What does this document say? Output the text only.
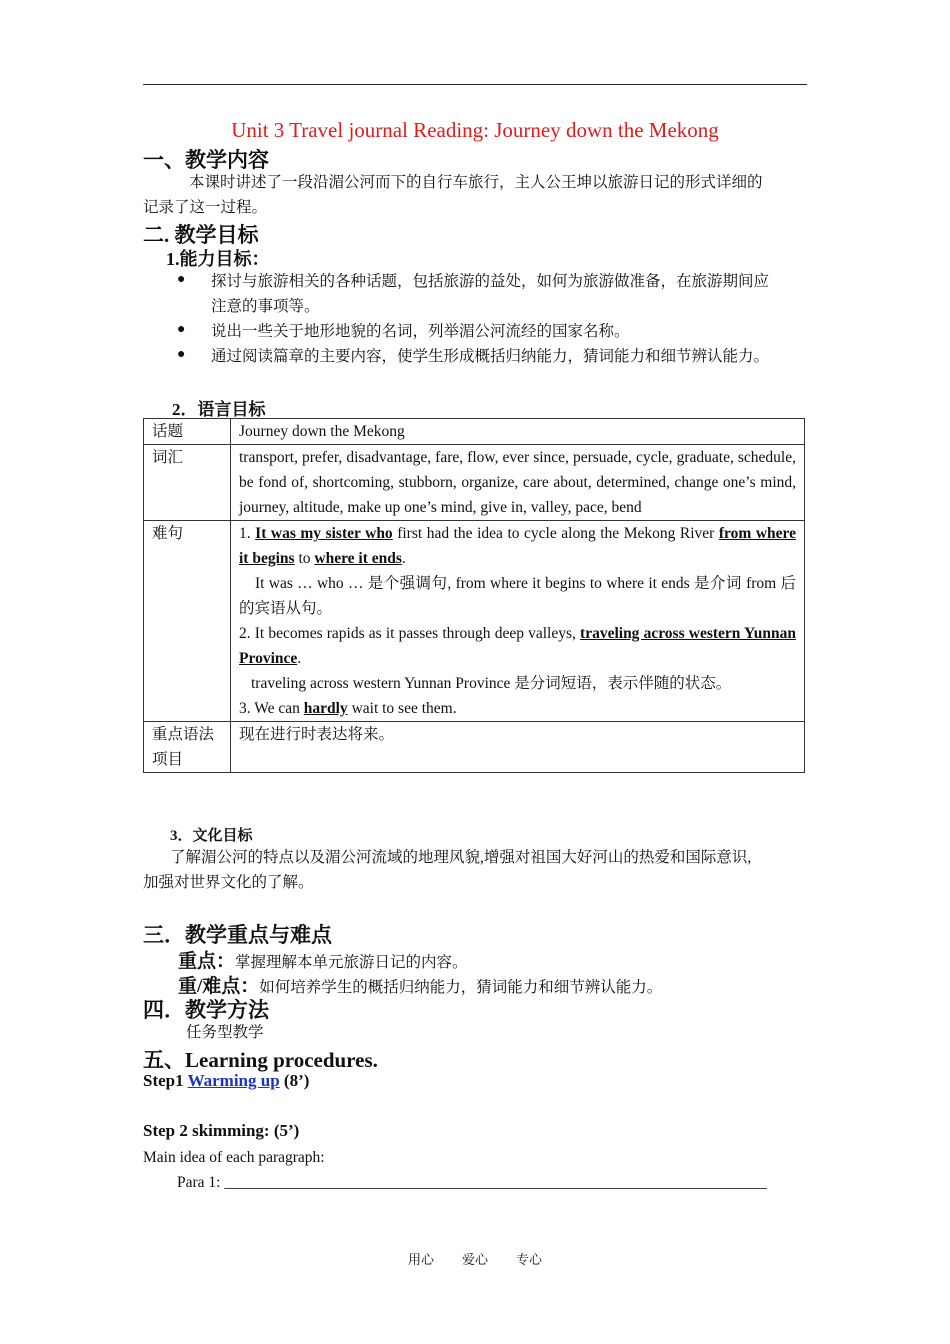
Unit 3 Travel journal Reading: Journey down the Mekong
一、教学内容
本课时讲述了一段沿湄公河而下的自行车旅行，主人公王坤以旅游日记的形式详细的
记录了这一过程。
二. 教学目标
1.能力目标：
● 探讨与旅游相关的各种话题，包括旅游的益处，如何为旅游做准备，在旅游期间应
注意的事项等。
● 说出一些关于地形地貌的名词，列举湄公河流经的国家名称。
● 通过阅读篇章的主要内容，使学生形成概括归纳能力，猜词能力和细节辨认能力。
2．语言目标
话题	Journey down the Mekong
词汇	transport, prefer, disadvantage, fare, flow, ever since, persuade, cycle, graduate, schedule, be fond of, shortcoming, stubborn, organize, care about, determined, change one’s mind, journey, altitude, make up one’s mind, give in, valley, pace, bend
难句	1. It was my sister who first had the idea to cycle along the Mekong River from where it begins to where it ends.
It was … who … 是个强调句, from where it begins to where it ends 是介词 from 后的宾语从句。
2. It becomes rapids as it passes through deep valleys, traveling across western Yunnan Province.
traveling across western Yunnan Province 是分词短语，表示伴随的状态。
3. We can hardly wait to see them.

重点语法项目	现在进行时表达将来。
3．文化目标
了解湄公河的特点以及湄公河流域的地理风貌,增强对祖国大好河山的热爱和国际意识,
加强对世界文化的了解。
三．教学重点与难点
重点：掌握理解本单元旅游日记的内容。
重/难点：如何培养学生的概括归纳能力，猜词能力和细节辨认能力。
四．教学方法
任务型教学
五、Learning procedures.
Step1 Warming up (8’)
Step 2 skimming: (5’)
Main idea of each paragraph:
Para 1: ______________________________________________________________________
用心 爱心 专心
